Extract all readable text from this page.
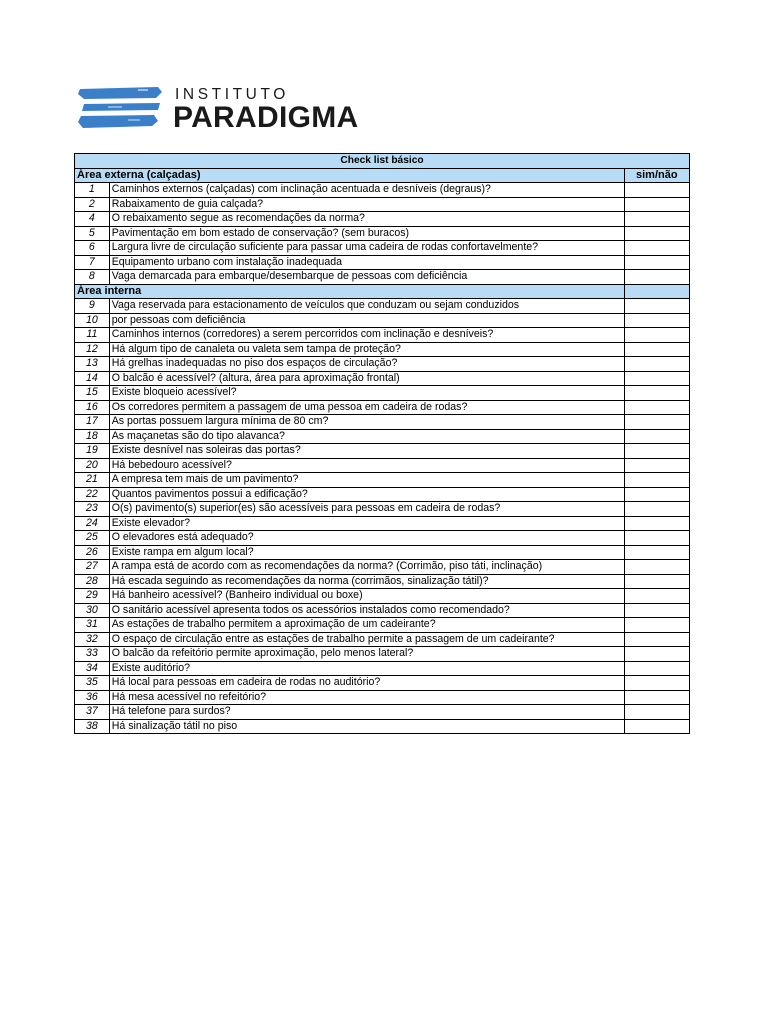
INSTITUTO
PARADIGMA
Check list básico		
Área externa (calçadas)		sim/não
1	Caminhos externos (calçadas) com inclinação acentuada e desníveis (degraus)?	
2	Rabaixamento de guia calçada?	
4	O rebaixamento segue as recomendações da norma?	
5	Pavimentação em bom estado de conservação? (sem buracos)	
6	Largura livre de circulação suficiente para passar uma cadeira de rodas confortavelmente?	
7	Equipamento urbano com instalação inadequada	
8	Vaga demarcada para embarque/desembarque de pessoas com deficiência	
Área interna		
9	Vaga reservada para estacionamento de veículos que conduzam ou sejam conduzidos	
10	por pessoas com deficiência	
11	Caminhos internos (corredores) a serem percorridos com inclinação e desníveis?	
12	Há algum tipo de canaleta ou valeta sem tampa de proteção?	
13	Há grelhas inadequadas no piso dos espaços de circulação?	
14	O balcão é acessível? (altura, área para aproximação frontal)	
15	Existe bloqueio acessível?	
16	Os corredores permitem a passagem de uma pessoa em cadeira de rodas?	
17	As portas possuem largura mínima de 80 cm?	
18	As maçanetas são do tipo alavanca?	
19	Existe desnível nas soleiras das portas?	
20	Há bebedouro acessível?	
21	A empresa tem mais de um pavimento?	
22	Quantos pavimentos possui a edificação?	
23	O(s) pavimento(s) superior(es) são acessíveis para pessoas em cadeira de rodas?	
24	Existe elevador?	
25	O elevadores está adequado?	
26	Existe rampa em algum local?	
27	A rampa está de acordo com as recomendações da norma? (Corrimão, piso táti, inclinação)	
28	Há escada seguindo as recomendações da norma (corrimãos, sinalização tátil)?	
29	Há banheiro acessível? (Banheiro individual ou boxe)	
30	O sanitário acessível apresenta todos os acessórios instalados como recomendado?	
31	As estações de trabalho permitem a aproximação de um cadeirante?	
32	O espaço de circulação entre as estações de trabalho permite a passagem de um cadeirante?	
33	O balcão da refeitório permite aproximação, pelo menos lateral?	
34	Existe auditório?	
35	Há local para pessoas em cadeira de rodas no auditório?	
36	Há mesa acessível no refeitório?	
37	Há telefone para surdos?	
38	Há sinalização tátil no piso	
